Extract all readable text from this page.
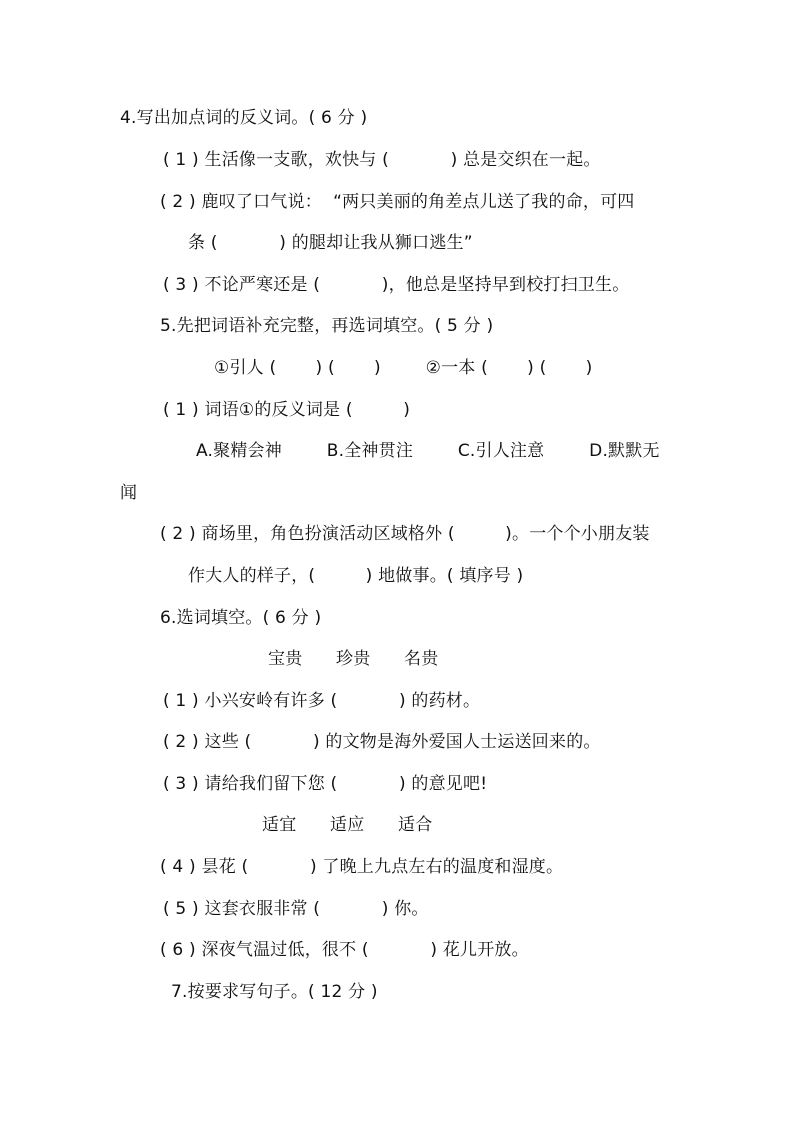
4.写出加点词的反义词。( 6 分 )
( 1 ) 生活像一支歌，欢快与 (           ) 总是交织在一起。
( 2 ) 鹿叹了口气说：  “两只美丽的角差点儿送了我的命，可四
条 (           ) 的腿却让我从狮口逃生”
( 3 ) 不论严寒还是 (           )，他总是坚持早到校打扫卫生。
5.先把词语补充完整，再选词填空。( 5 分 )
①引人 (       ) (       )        ②一本 (       ) (       )
( 1 ) 词语①的反义词是 (         )
A.聚精会神        B.全神贯注        C.引人注意        D.默默无
闻
( 2 ) 商场里，角色扮演活动区域格外 (         )。一个个小朋友装
作大人的样子，(         ) 地做事。( 填序号 )
6.选词填空。( 6 分 )
宝贵      珍贵      名贵
( 1 ) 小兴安岭有许多 (           ) 的药材。
( 2 ) 这些 (           ) 的文物是海外爱国人士运送回来的。
( 3 ) 请给我们留下您 (           ) 的意见吧!
适宜      适应      适合
( 4 ) 昙花 (           ) 了晚上九点左右的温度和湿度。
( 5 ) 这套衣服非常 (           ) 你。
( 6 ) 深夜气温过低，很不 (           ) 花儿开放。
7.按要求写句子。( 12 分 )
